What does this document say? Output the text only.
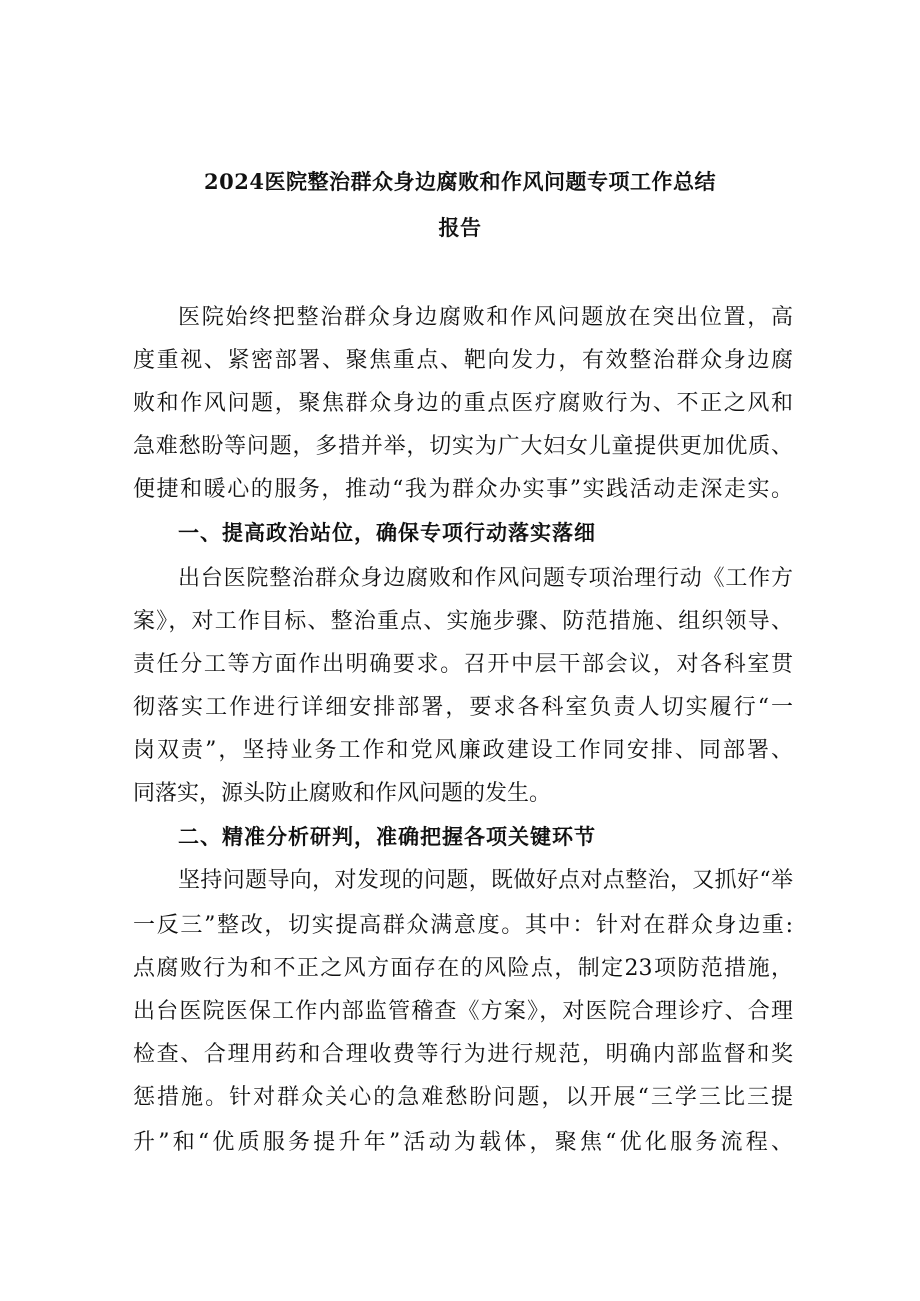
2024医院整治群众身边腐败和作风问题专项工作总结
报告
医院始终把整治群众身边腐败和作风问题放在突出位置，高
度重视、紧密部署、聚焦重点、靶向发力，有效整治群众身边腐
败和作风问题，聚焦群众身边的重点医疗腐败行为、不正之风和
急难愁盼等问题，多措并举，切实为广大妇女儿童提供更加优质、
便捷和暖心的服务，推动“我为群众办实事”实践活动走深走实。
一、提高政治站位，确保专项行动落实落细
出台医院整治群众身边腐败和作风问题专项治理行动《工作方
案》，对工作目标、整治重点、实施步骤、防范措施、组织领导、
责任分工等方面作出明确要求。召开中层干部会议，对各科室贯
彻落实工作进行详细安排部署，要求各科室负责人切实履行“一
岗双责”，坚持业务工作和党风廉政建设工作同安排、同部署、
同落实，源头防止腐败和作风问题的发生。
二、精准分析研判，准确把握各项关键环节
坚持问题导向，对发现的问题，既做好点对点整治，又抓好“举
一反三”整改，切实提高群众满意度。其中：针对在群众身边重:
点腐败行为和不正之风方面存在的风险点，制定23项防范措施，
出台医院医保工作内部监管稽查《方案》，对医院合理诊疗、合理
检查、合理用药和合理收费等行为进行规范，明确内部监督和奖
惩措施。针对群众关心的急难愁盼问题，以开展“三学三比三提
升”和“优质服务提升年”活动为载体，聚焦“优化服务流程、
